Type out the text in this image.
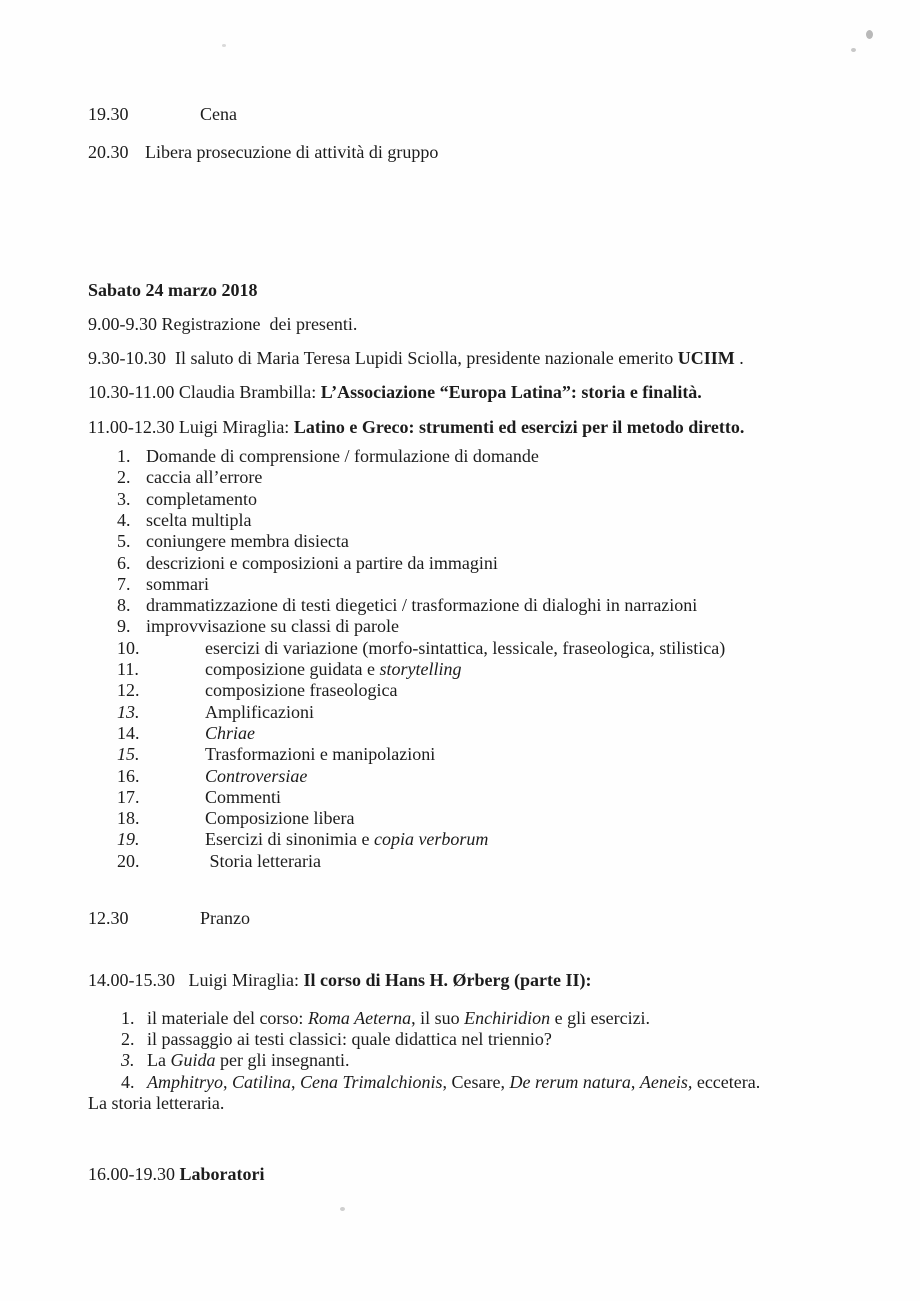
19.30	Cena
20.30 Libera prosecuzione di attività di gruppo

Sabato 24 marzo 2018

9.00-9.30 Registrazione  dei presenti.

9.30-10.30  Il saluto di Maria Teresa Lupidi Sciolla, presidente nazionale emerito UCIIM .

10.30-11.00 Claudia Brambilla: L’Associazione “Europa Latina”: storia e finalità.

11.00-12.30 Luigi Miraglia: Latino e Greco: strumenti ed esercizi per il metodo diretto.

1. Domande di comprensione / formulazione di domande
2. caccia all’errore
3. completamento
4. scelta multipla
5. coniungere membra disiecta
6. descrizioni e composizioni a partire da immagini
7. sommari
8. drammatizzazione di testi diegetici / trasformazione di dialoghi in narrazioni
9. improvvisazione su classi di parole
10.	esercizi di variazione (morfo-sintattica, lessicale, fraseologica, stilistica)
11.	composizione guidata e storytelling
12.	composizione fraseologica
13.	Amplificazioni
14.	Chriae
15.	Trasformazioni e manipolazioni
16.	Controversiae
17.	Commenti
18.	Composizione libera
19.	Esercizi di sinonimia e copia verborum
20.	Storia letteraria
12.30	Pranzo

14.00-15.30   Luigi Miraglia: Il corso di Hans H. Ørberg (parte II):

1. il materiale del corso: Roma Aeterna, il suo Enchiridion e gli esercizi.
2. il passaggio ai testi classici: quale didattica nel triennio?
3. La Guida per gli insegnanti.
4. Amphitryo, Catilina, Cena Trimalchionis, Cesare, De rerum natura, Aeneis, eccetera.

La storia letteraria.

16.00-19.30 Laboratori
